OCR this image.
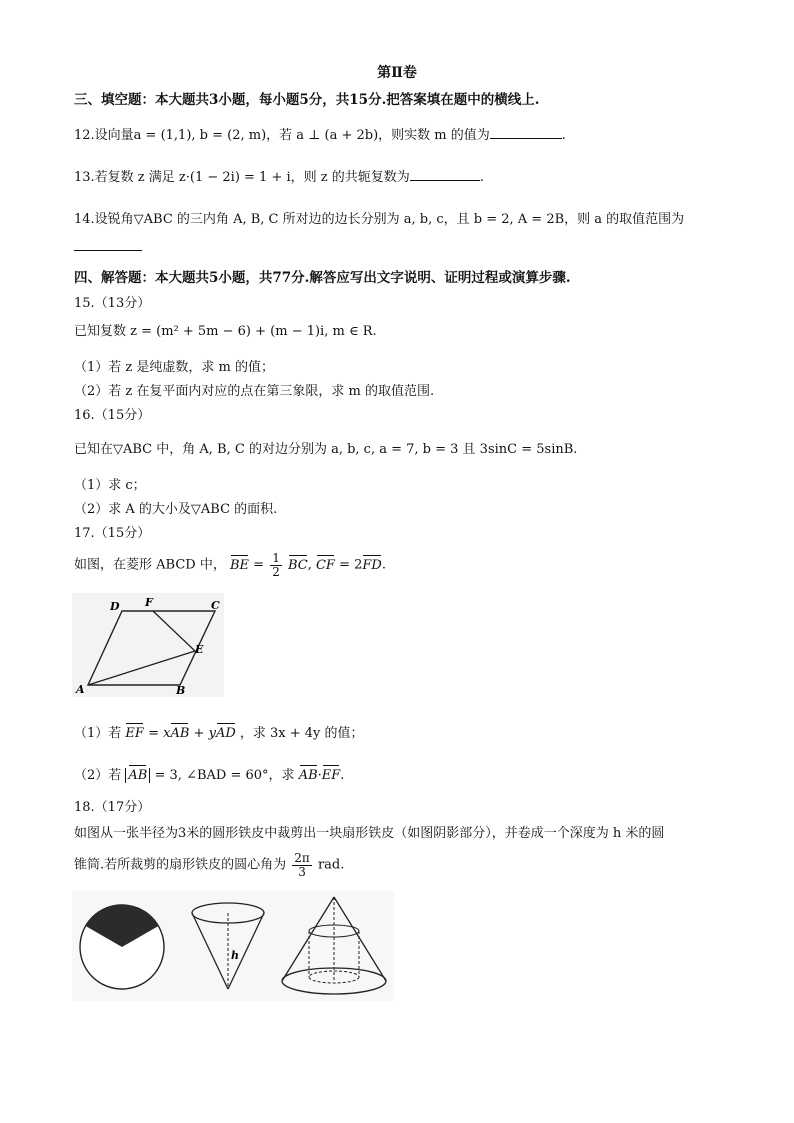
第Ⅱ卷
三、填空题：本大题共3小题，每小题5分，共15分.把答案填在题中的横线上.
12.设向量a = (1,1), b = (2, m)，若 a ⊥ (a + 2b)，则实数 m 的值为	.
13.若复数 z 满足 z·(1 − 2i) = 1 + i，则 z 的共轭复数为	.
14.设锐角▽ABC 的三内角 A, B, C 所对边的边长分别为 a, b, c，且 b = 2, A = 2B，则 a 的取值范围为
四、解答题：本大题共5小题，共77分.解答应写出文字说明、证明过程或演算步骤.
15.（13分）
已知复数 z = (m² + 5m − 6) + (m − 1)i, m ∈ R.
（1）若 z 是纯虚数，求 m 的值；
（2）若 z 在复平面内对应的点在第三象限，求 m 的取值范围.
16.（15分）
已知在▽ABC 中，角 A, B, C 的对边分别为 a, b, c, a = 7, b = 3 且 3sinC = 5sinB.
（1）求 c；
（2）求 A 的大小及▽ABC 的面积.
17.（15分）
如图，在菱形 ABCD 中， BE = $\frac{1}{2}$ BC, CF = 2FD.
A	B
C
D
E
F
（1）若 EF = xAB + yAD ，求 3x + 4y 的值；
（2）若 AB = 3, ∠BAD = 60°，求 AB·EF.
18.（17分）
如图从一张半径为3米的圆形铁皮中裁剪出一块扇形铁皮（如图阴影部分），并卷成一个深度为 h 米的圆
锥筒.若所裁剪的扇形铁皮的圆心角为 $\frac{2\pi}{3}$ rad.
h
